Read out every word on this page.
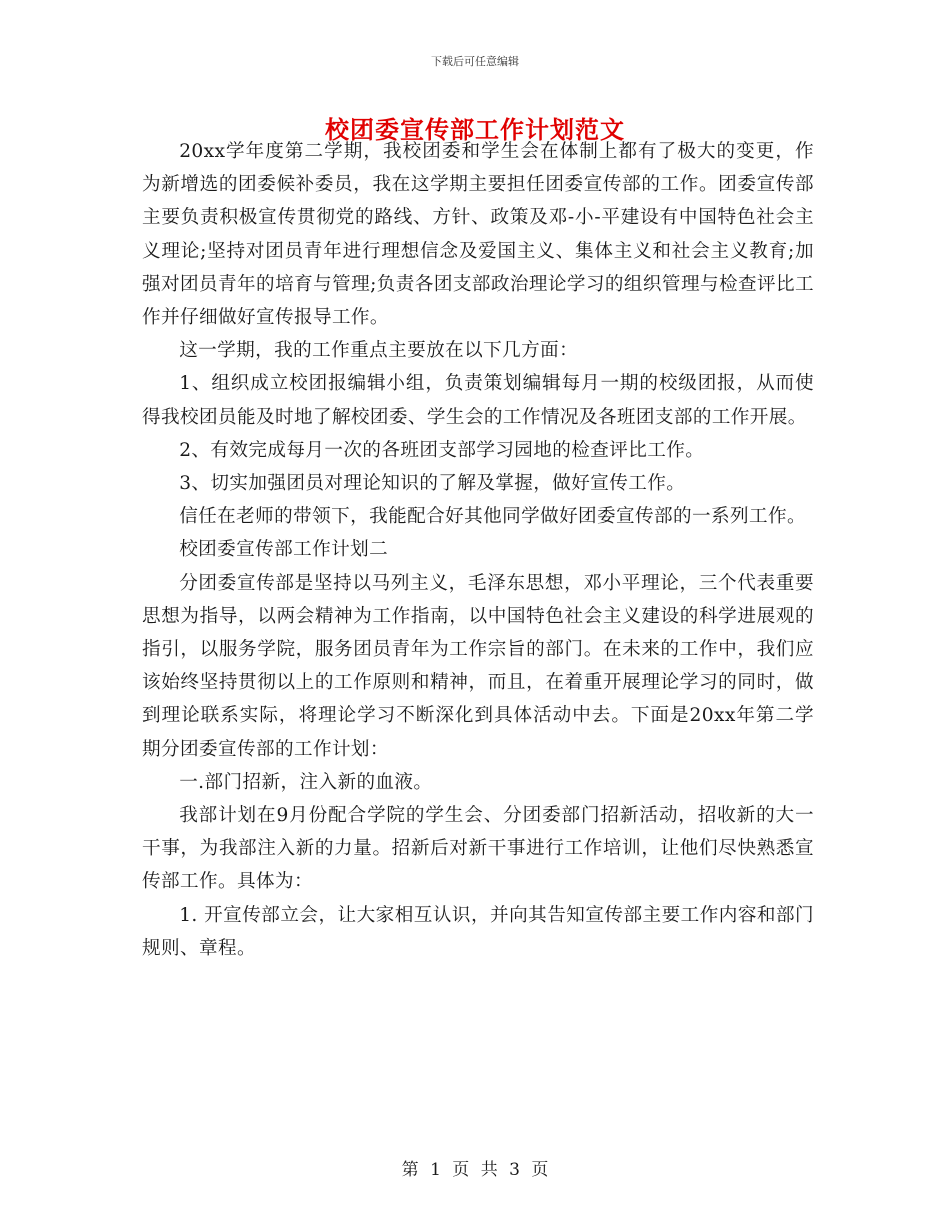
下载后可任意编辑
校团委宣传部工作计划范文

20xx学年度第二学期，我校团委和学生会在体制上都有了极大的变更，作为新增选的团委候补委员，我在这学期主要担任团委宣传部的工作。团委宣传部主要负责积极宣传贯彻党的路线、方针、政策及邓-小-平建设有中国特色社会主义理论;坚持对团员青年进行理想信念及爱国主义、集体主义和社会主义教育;加强对团员青年的培育与管理;负责各团支部政治理论学习的组织管理与检查评比工作并仔细做好宣传报导工作。

这一学期，我的工作重点主要放在以下几方面：

1、组织成立校团报编辑小组，负责策划编辑每月一期的校级团报，从而使得我校团员能及时地了解校团委、学生会的工作情况及各班团支部的工作开展。

2、有效完成每月一次的各班团支部学习园地的检查评比工作。

3、切实加强团员对理论知识的了解及掌握，做好宣传工作。

信任在老师的带领下，我能配合好其他同学做好团委宣传部的一系列工作。

校团委宣传部工作计划二

分团委宣传部是坚持以马列主义，毛泽东思想，邓小平理论，三个代表重要思想为指导，以两会精神为工作指南，以中国特色社会主义建设的科学进展观的指引，以服务学院，服务团员青年为工作宗旨的部门。在未来的工作中，我们应该始终坚持贯彻以上的工作原则和精神，而且，在着重开展理论学习的同时，做到理论联系实际，将理论学习不断深化到具体活动中去。下面是20xx年第二学期分团委宣传部的工作计划：

一.部门招新，注入新的血液。

我部计划在9月份配合学院的学生会、分团委部门招新活动，招收新的大一干事，为我部注入新的力量。招新后对新干事进行工作培训，让他们尽快熟悉宣传部工作。具体为：

1. 开宣传部立会，让大家相互认识，并向其告知宣传部主要工作内容和部门规则、章程。

第 1 页 共 3 页
